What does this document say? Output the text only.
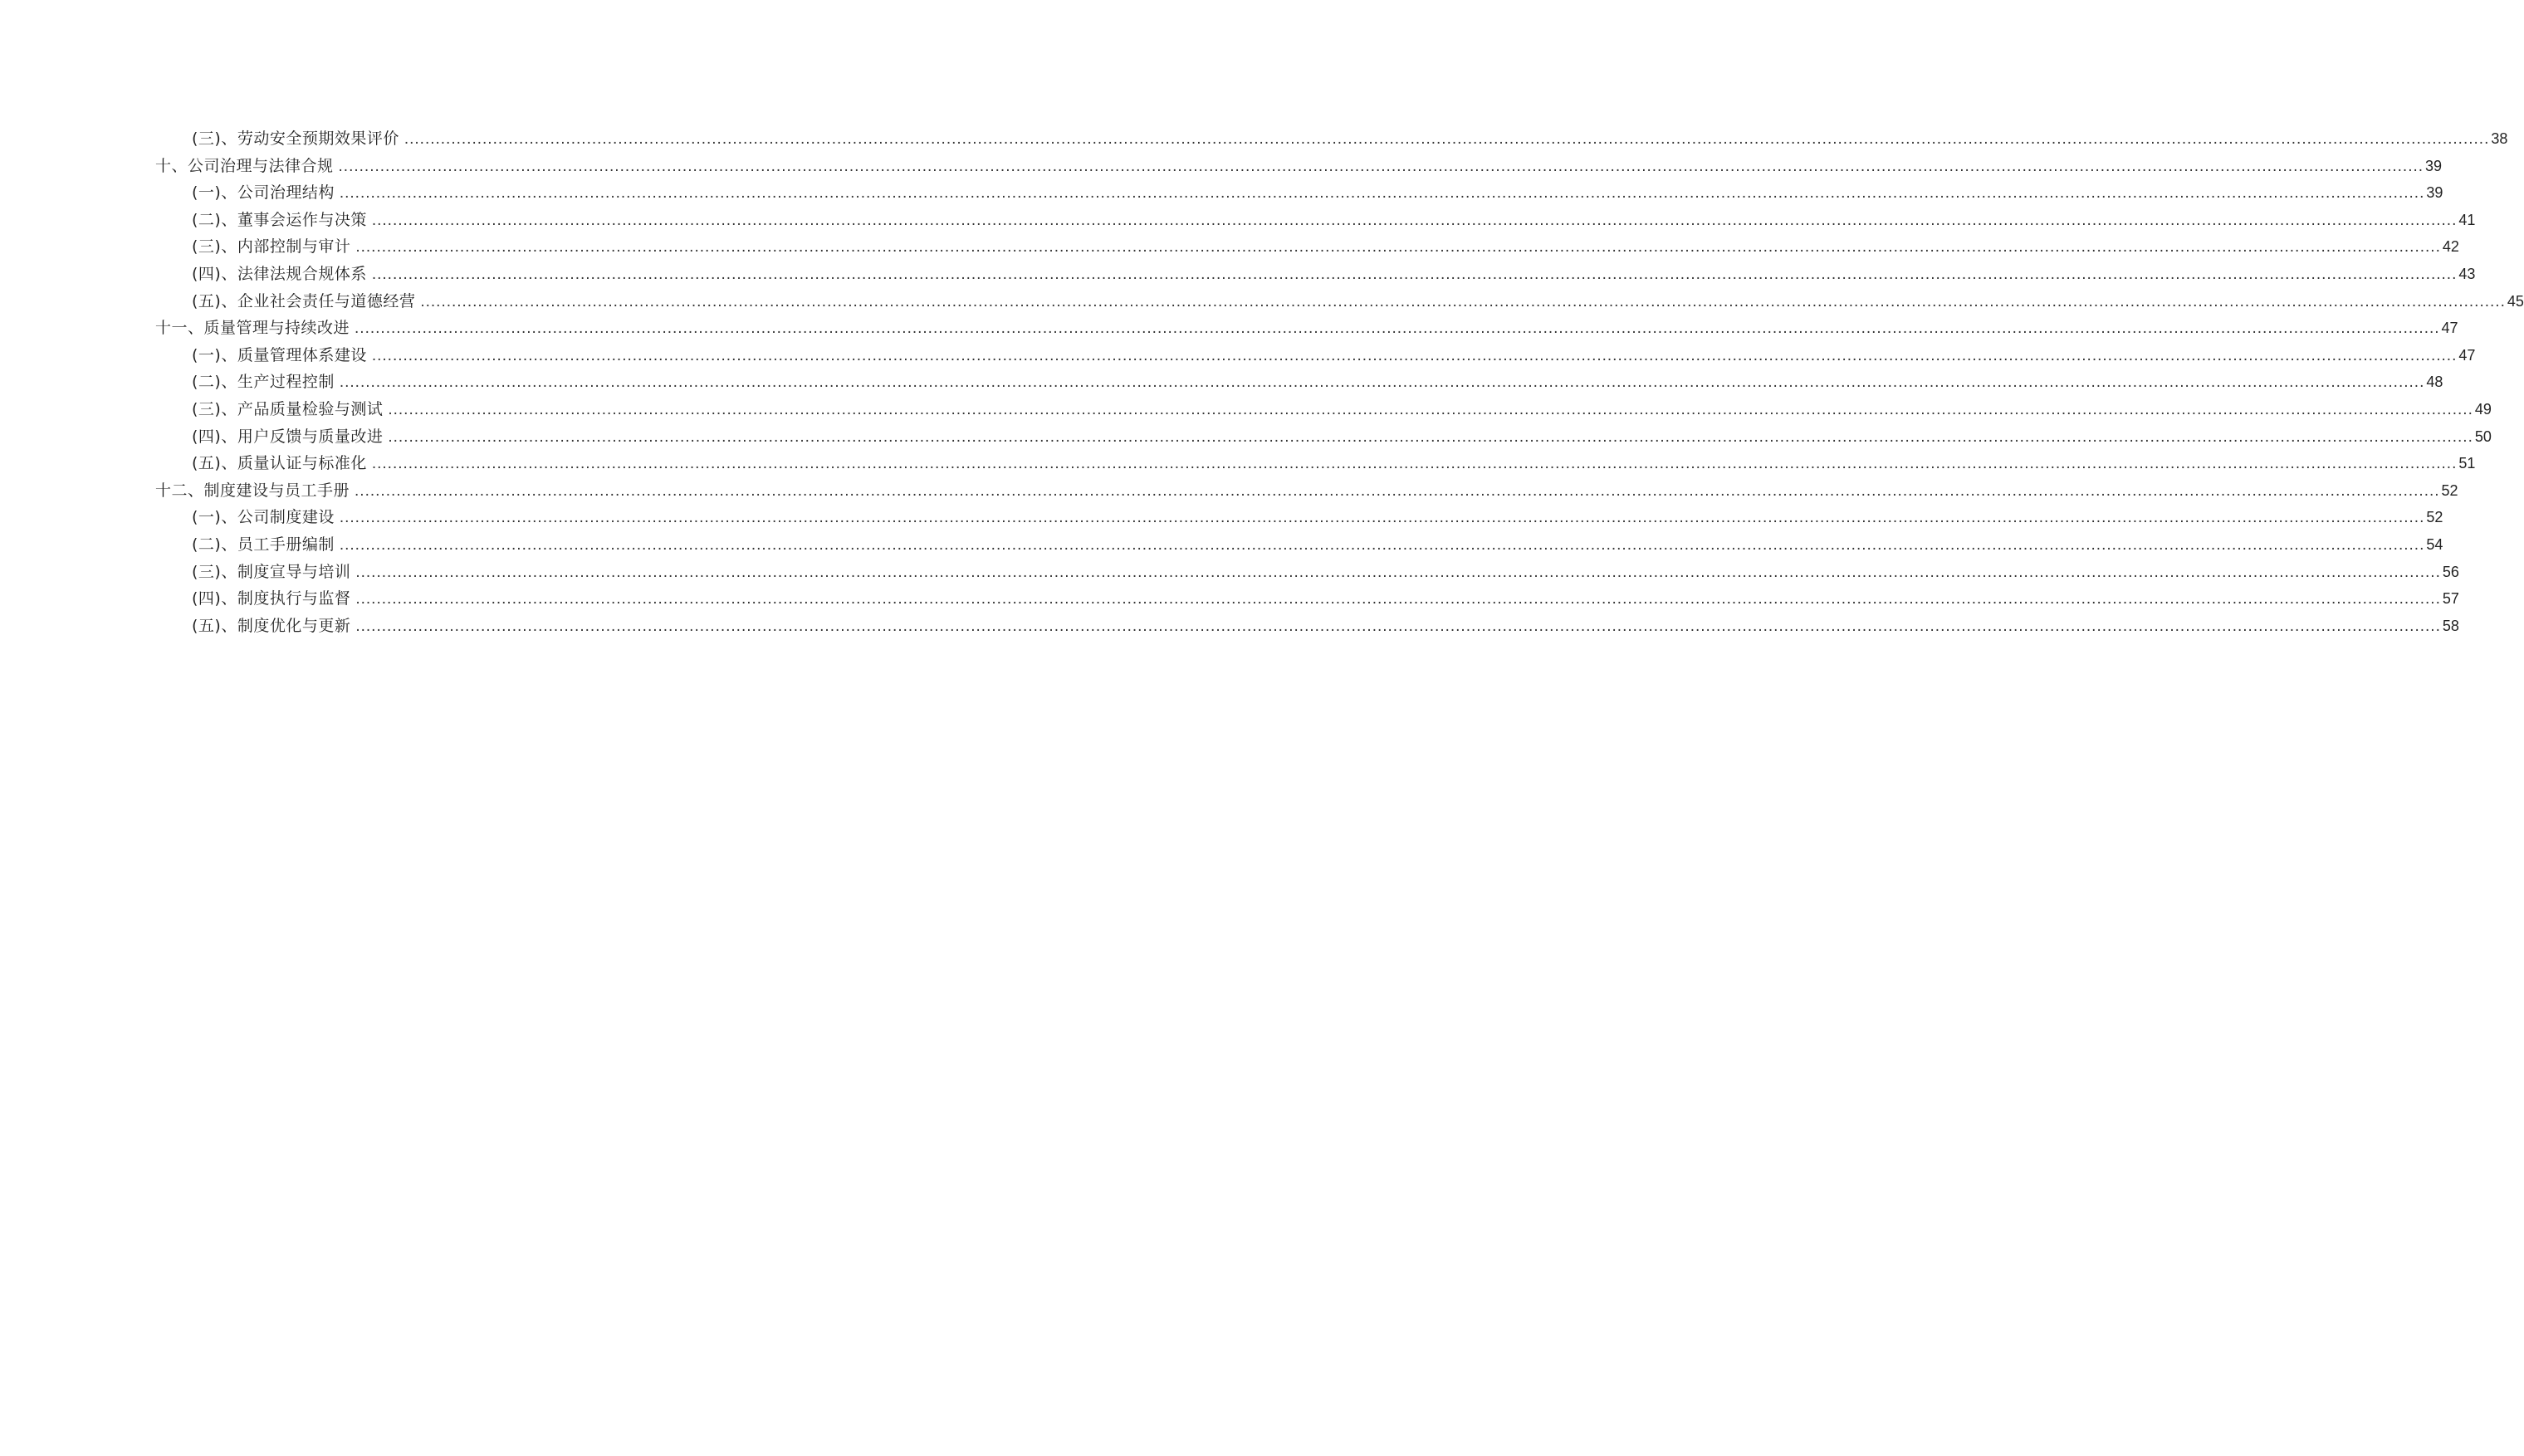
(三)、劳动安全预期效果评价 ................................................................................................................................................................................................................................................................................................................................................................................................................ 38
十、公司治理与法律合规 ................................................................................................................................................................................................................................................................................................................................................................................................................ 39
(一)、公司治理结构 ................................................................................................................................................................................................................................................................................................................................................................................................................ 39
(二)、董事会运作与决策 ................................................................................................................................................................................................................................................................................................................................................................................................................ 41
(三)、内部控制与审计 ................................................................................................................................................................................................................................................................................................................................................................................................................ 42
(四)、法律法规合规体系 ................................................................................................................................................................................................................................................................................................................................................................................................................ 43
(五)、企业社会责任与道德经营 ................................................................................................................................................................................................................................................................................................................................................................................................................ 45
十一、质量管理与持续改进 ................................................................................................................................................................................................................................................................................................................................................................................................................ 47
(一)、质量管理体系建设 ................................................................................................................................................................................................................................................................................................................................................................................................................ 47
(二)、生产过程控制 ................................................................................................................................................................................................................................................................................................................................................................................................................ 48
(三)、产品质量检验与测试 ................................................................................................................................................................................................................................................................................................................................................................................................................ 49
(四)、用户反馈与质量改进 ................................................................................................................................................................................................................................................................................................................................................................................................................ 50
(五)、质量认证与标准化 ................................................................................................................................................................................................................................................................................................................................................................................................................ 51
十二、制度建设与员工手册 ................................................................................................................................................................................................................................................................................................................................................................................................................ 52
(一)、公司制度建设 ................................................................................................................................................................................................................................................................................................................................................................................................................ 52
(二)、员工手册编制 ................................................................................................................................................................................................................................................................................................................................................................................................................ 54
(三)、制度宣导与培训 ................................................................................................................................................................................................................................................................................................................................................................................................................ 56
(四)、制度执行与监督 ................................................................................................................................................................................................................................................................................................................................................................................................................ 57
(五)、制度优化与更新 ................................................................................................................................................................................................................................................................................................................................................................................................................ 58
